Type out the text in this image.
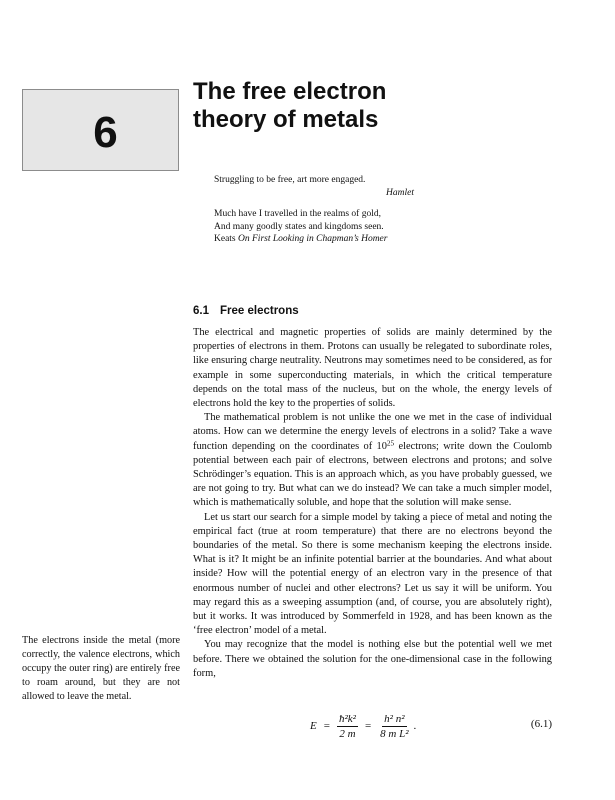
6
The free electron
theory of metals
Struggling to be free, art more engaged.
Hamlet
Much have I travelled in the realms of gold,
And many goodly states and kingdoms seen.
Keats On First Looking in Chapman’s Homer
6.1 Free electrons

The electrical and magnetic properties of solids are mainly determined by the properties of electrons in them. Protons can usually be relegated to subordinate roles, like ensuring charge neutrality. Neutrons may sometimes need to be considered, as for example in some superconducting materials, in which the critical temperature depends on the total mass of the nucleus, but on the whole, the energy levels of electrons hold the key to the properties of solids.

The mathematical problem is not unlike the one we met in the case of individual atoms. How can we determine the energy levels of electrons in a solid? Take a wave function depending on the coordinates of $10^{25}$ electrons; write down the Coulomb potential between each pair of electrons, between electrons and protons; and solve Schrödinger’s equation. This is an approach which, as you have probably guessed, we are not going to try. But what can we do instead? We can take a much simpler model, which is mathematically soluble, and hope that the solution will make sense.

Let us start our search for a simple model by taking a piece of metal and noting the empirical fact (true at room temperature) that there are no electrons beyond the boundaries of the metal. So there is some mechanism keeping the electrons inside. What is it? It might be an infinite potential barrier at the boundaries. And what about inside? How will the potential energy of an electron vary in the presence of that enormous number of nuclei and other electrons? Let us say it will be uniform. You may regard this as a sweeping assumption (and, of course, you are absolutely right), but it works. It was introduced by Sommerfeld in 1928, and has been known as the ‘free electron’ model of a metal.

You may recognize that the model is nothing else but the potential well we met before. There we obtained the solution for the one-dimensional case in the following form,

The electrons inside the metal (more correctly, the valence electrons, which occupy the outer ring) are entirely free to roam around, but they are not allowed to leave the metal.
$E = \frac{\text{ħ²k²}}{2 m} = \frac{\text{h² n²}}{\text{8 m L²}}$ .	(6.1)
